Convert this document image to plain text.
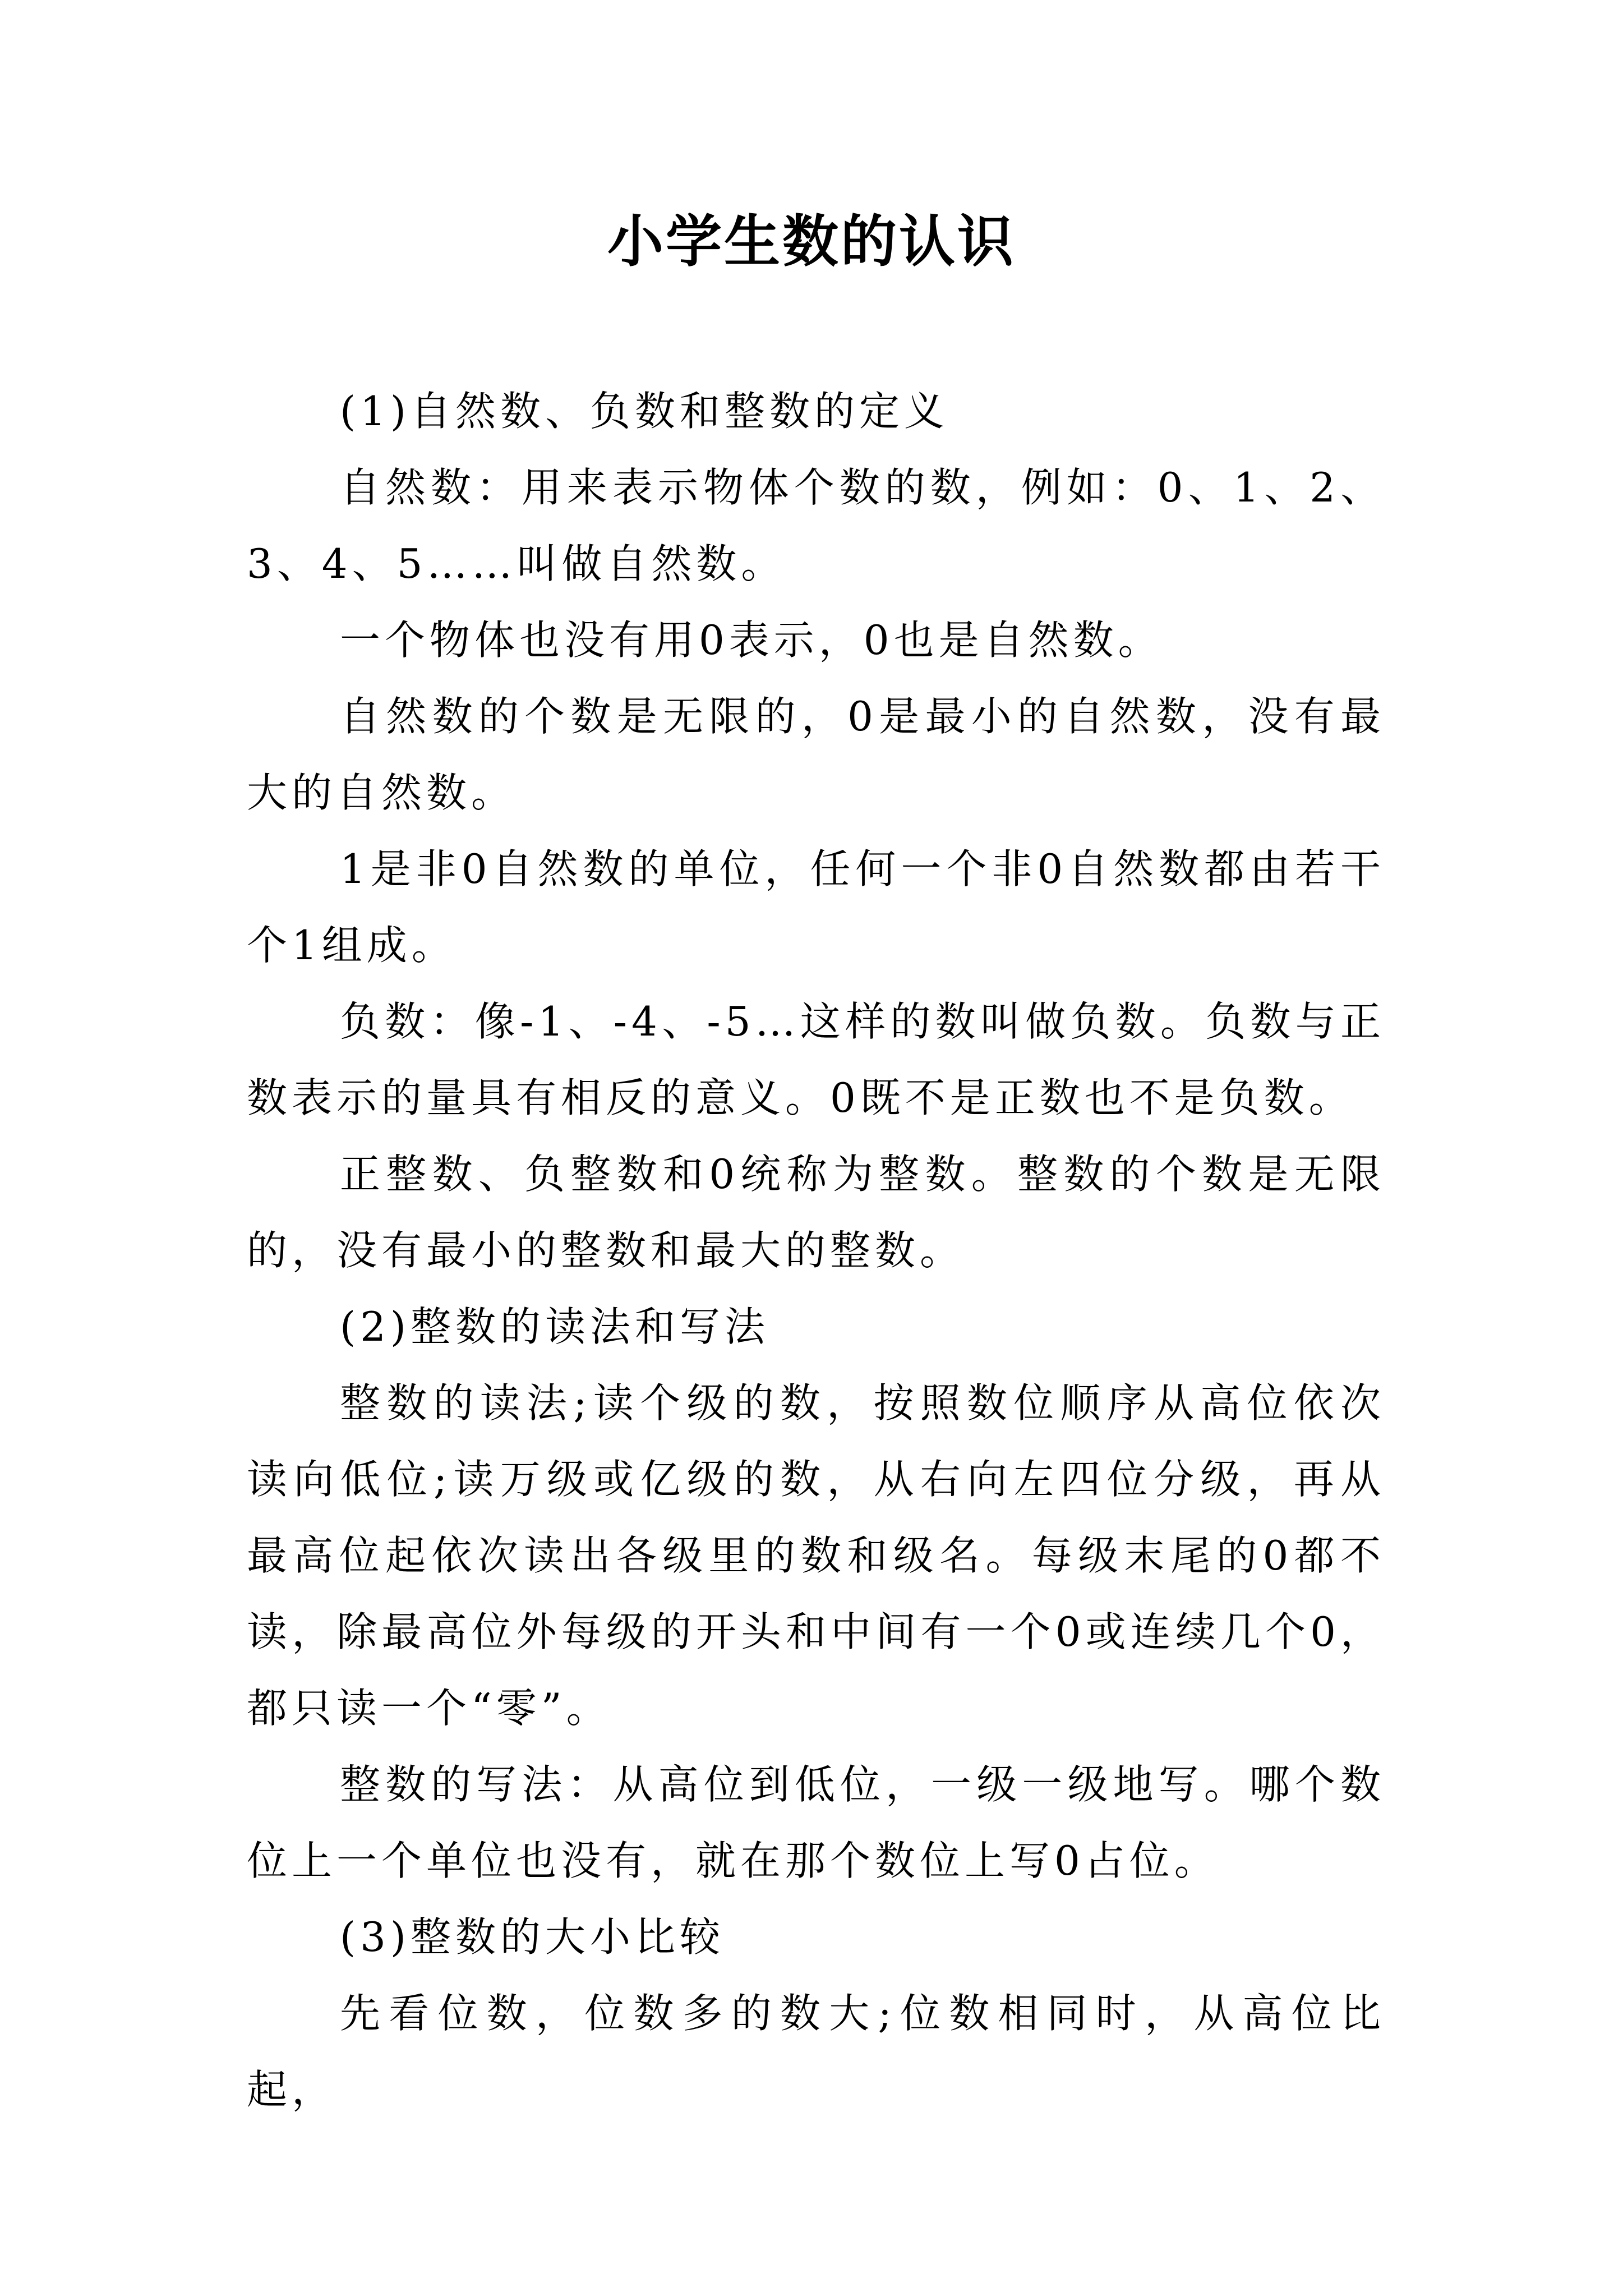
小学生数的认识

(1)自然数、负数和整数的定义

自然数：用来表示物体个数的数，例如：0、1、2、3、4、5……叫做自然数。

一个物体也没有用0表示，0也是自然数。

自然数的个数是无限的，0是最小的自然数，没有最大的自然数。

1是非0自然数的单位，任何一个非0自然数都由若干个1组成。

负数：像-1、-4、-5…这样的数叫做负数。负数与正数表示的量具有相反的意义。0既不是正数也不是负数。

正整数、负整数和0统称为整数。整数的个数是无限的，没有最小的整数和最大的整数。

(2)整数的读法和写法

整数的读法;读个级的数，按照数位顺序从高位依次读向低位;读万级或亿级的数，从右向左四位分级，再从最高位起依次读出各级里的数和级名。每级末尾的0都不读，除最高位外每级的开头和中间有一个0或连续几个0，都只读一个“零”。

整数的写法：从高位到低位，一级一级地写。哪个数位上一个单位也没有，就在那个数位上写0占位。

(3)整数的大小比较

先看位数，位数多的数大;位数相同时，从高位比起，
